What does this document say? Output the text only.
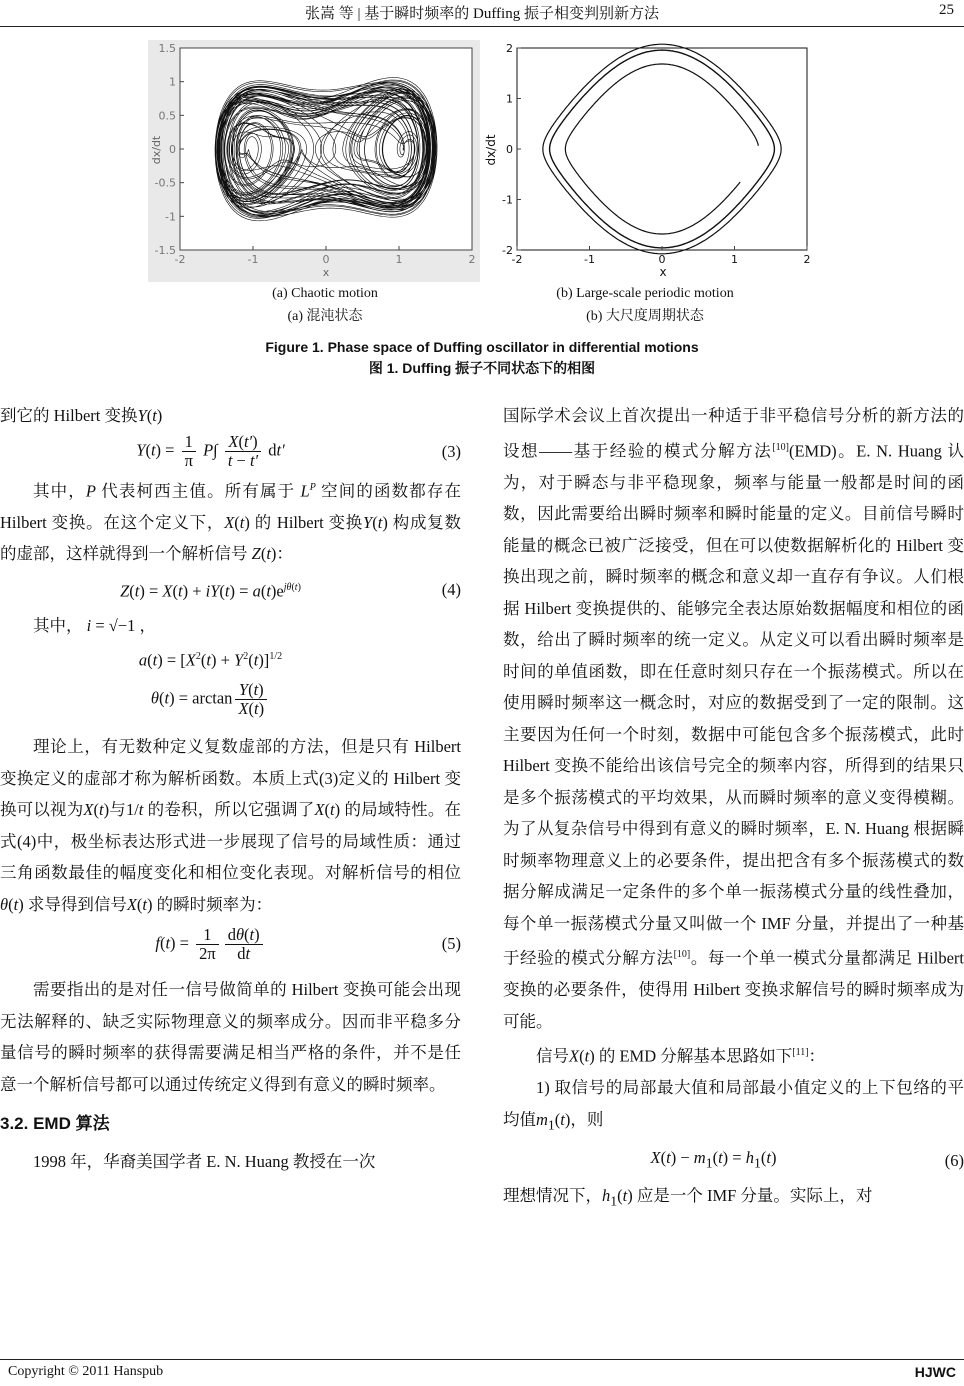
张嵩 等 | 基于瞬时频率的 Duffing 振子相变判别新方法	25
-2	-1	0	1	2
1.5
1
0.5
0
-0.5
-1
-1.5
x
dx/dt
-2	-1	0	1	2
2
1
0
-1
-2
x
dx/dt
(a) Chaotic motion
(a) 混沌状态
(b) Large-scale periodic motion
(b) 大尺度周期状态
Figure 1. Phase space of Duffing oscillator in differential motions
图 1. Duffing 振子不同状态下的相图

到它的 Hilbert 变换Y(t)

$Y(t) = \frac{1}{\pi} P\int \frac{X(t')}{t - t'} dt'$	(3)

其中，P 代表柯西主值。所有属于 $L^P$ 空间的函数都存在 Hilbert 变换。在这个定义下，X(t) 的 Hilbert 变换Y(t) 构成复数的虚部，这样就得到一个解析信号 Z(t)：

$Z(t) = X(t) + iY(t) = a(t)e^{j\theta(t)}$	(4)

其中， i = √−1 ，

$a(t) = [X^2(t) + Y^2(t)]^{1/2}$
$\theta(t) = \arctan \frac{Y(t)}{X(t)}$

理论上，有无数种定义复数虚部的方法，但是只有 Hilbert 变换定义的虚部才称为解析函数。本质上式(3)定义的 Hilbert 变换可以视为X(t)与1/t 的卷积，所以它强调了X(t) 的局域特性。在式(4)中，极坐标表达形式进一步展现了信号的局域性质：通过三角函数最佳的幅度变化和相位变化表现。对解析信号的相位θ(t) 求导得到信号X(t) 的瞬时频率为：

$f(t) = \frac{1}{2\pi} \frac{d\theta(t)}{dt}$	(5)

需要指出的是对任一信号做简单的 Hilbert 变换可能会出现无法解释的、缺乏实际物理意义的频率成分。因而非平稳多分量信号的瞬时频率的获得需要满足相当严格的条件，并不是任意一个解析信号都可以通过传统定义得到有意义的瞬时频率。

3.2. EMD 算法

1998 年，华裔美国学者 E. N. Huang 教授在一次

国际学术会议上首次提出一种适于非平稳信号分析的新方法的设想——基于经验的模式分解方法[10](EMD)。E. N. Huang 认为，对于瞬态与非平稳现象，频率与能量一般都是时间的函数，因此需要给出瞬时频率和瞬时能量的定义。目前信号瞬时能量的概念已被广泛接受，但在可以使数据解析化的 Hilbert 变换出现之前，瞬时频率的概念和意义却一直存有争议。人们根据 Hilbert 变换提供的、能够完全表达原始数据幅度和相位的函数，给出了瞬时频率的统一定义。从定义可以看出瞬时频率是时间的单值函数，即在任意时刻只存在一个振荡模式。所以在使用瞬时频率这一概念时，对应的数据受到了一定的限制。这主要因为任何一个时刻，数据中可能包含多个振荡模式，此时 Hilbert 变换不能给出该信号完全的频率内容，所得到的结果只是多个振荡模式的平均效果，从而瞬时频率的意义变得模糊。为了从复杂信号中得到有意义的瞬时频率，E. N. Huang 根据瞬时频率物理意义上的必要条件，提出把含有多个振荡模式的数据分解成满足一定条件的多个单一振荡模式分量的线性叠加，每个单一振荡模式分量又叫做一个 IMF 分量，并提出了一种基于经验的模式分解方法[10]。每一个单一模式分量都满足 Hilbert 变换的必要条件，使得用 Hilbert 变换求解信号的瞬时频率成为可能。

信号X(t) 的 EMD 分解基本思路如下[11]：

1) 取信号的局部最大值和局部最小值定义的上下包络的平均值$m_1(t)$，则

$X(t) - m_1(t) = h_1(t)$	(6)

理想情况下，$h_1(t)$ 应是一个 IMF 分量。实际上，对

Copyright © 2011 Hanspub	HJWC
